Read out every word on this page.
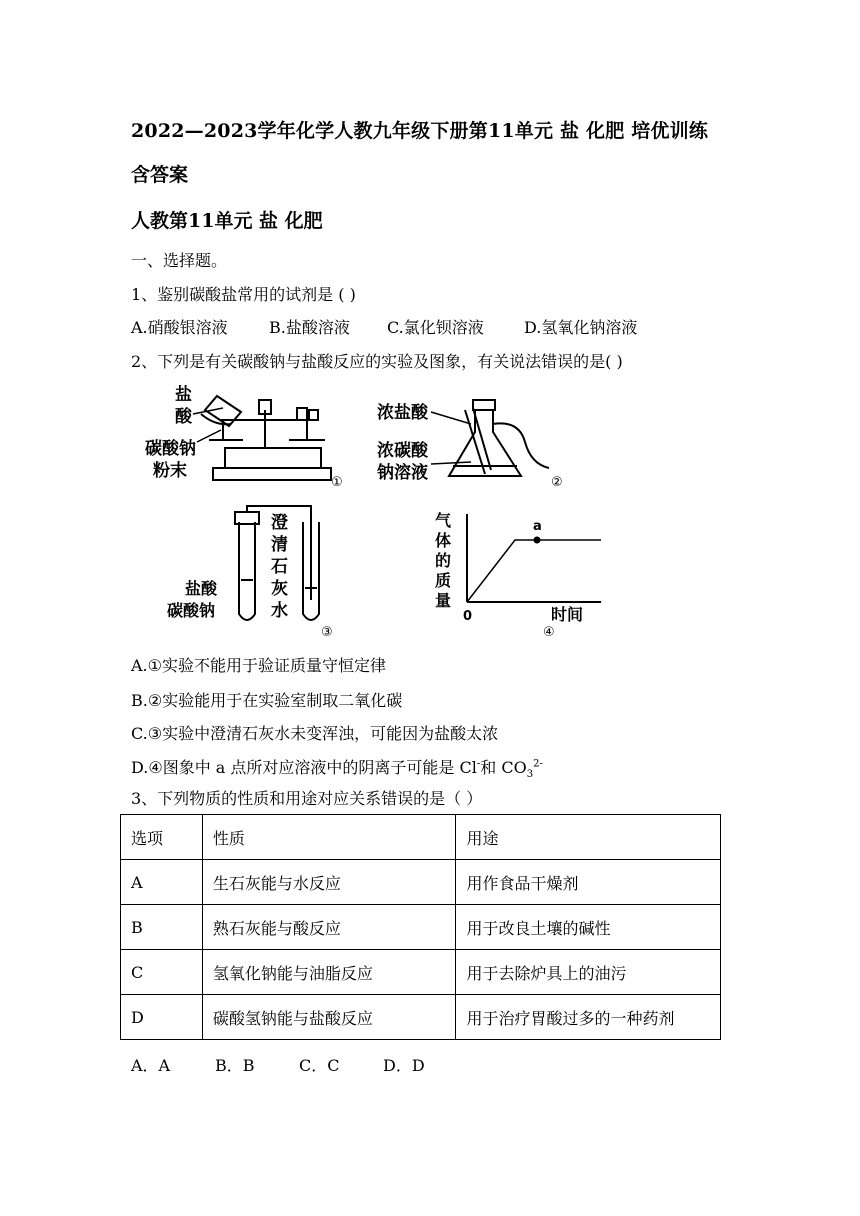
2022—2023学年化学人教九年级下册第11单元 盐 化肥 培优训练
含答案
人教第11单元 盐 化肥
一、选择题。
1、鉴别碳酸盐常用的试剂是 ( )
A.硝酸银溶液	B.盐酸溶液	C.氯化钡溶液	D.氢氧化钠溶液
2、下列是有关碳酸钠与盐酸反应的实验及图象，有关说法错误的是( )
盐
酸
碳酸钠
粉末
①
浓盐酸
浓碳酸
钠溶液	②
澄
清
石
灰
水
盐酸
碳酸钠
③
a
气
体
的
质
量
0	时间
④
A.①实验不能用于验证质量守恒定律
B.②实验能用于在实验室制取二氧化碳
C.③实验中澄清石灰水未变浑浊，可能因为盐酸太浓
D.④图象中 a 点所对应溶液中的阴离子可能是 Cl-和 $CO_3^{2-}$
3、下列物质的性质和用途对应关系错误的是（ ）
选项	性质	用途
A	生石灰能与水反应	用作食品干燥剂
B	熟石灰能与酸反应	用于改良土壤的碱性
C	氢氧化钠能与油脂反应	用于去除炉具上的油污
D	碳酸氢钠能与盐酸反应	用于治疗胃酸过多的一种药剂
A．A	B．B	C．C	D．D
